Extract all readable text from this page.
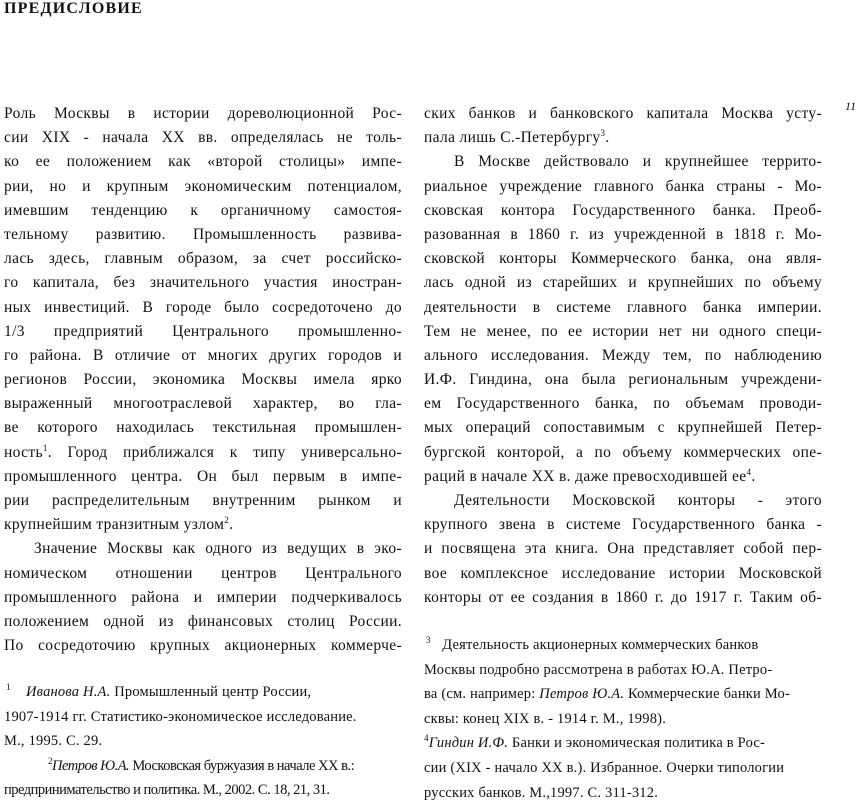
ПРЕДИСЛОВИЕ
11
Роль Москвы в истории дореволюционной Рос-
сии XIX - начала XX вв. определялась не толь-
ко ее положением как «второй столицы» импе-
рии, но и крупным экономическим потенциалом,
имевшим тенденцию к органичному самостоя-
тельному развитию. Промышленность развива-
лась здесь, главным образом, за счет российско-
го капитала, без значительного участия иностран-
ных инвестиций. В городе было сосредоточено до
1/3 предприятий Центрального промышленно-
го района. В отличие от многих других городов и
регионов России, экономика Москвы имела ярко
выраженный многоотраслевой характер, во гла-
ве которого находилась текстильная промышлен-
ность$^1$. Город приближался к типу универсально-
промышленного центра. Он был первым в импе-
рии распределительным внутренним рынком и
крупнейшим транзитным узлом$^2$.
Значение Москвы как одного из ведущих в эко-
номическом отношении центров Центрального
промышленного района и империи подчеркивалось
положением одной из финансовых столиц России.
По сосредоточию крупных акционерных коммерче-
ских банков и банковского капитала Москва усту-
пала лишь С.-Петербургу$^3$.
В Москве действовало и крупнейшее террито-
риальное учреждение главного банка страны - Мо-
сковская контора Государственного банка. Преоб-
разованная в 1860 г. из учрежденной в 1818 г. Мо-
сковской конторы Коммерческого банка, она явля-
лась одной из старейших и крупнейших по объему
деятельности в системе главного банка империи.
Тем не менее, по ее истории нет ни одного специ-
ального исследования. Между тем, по наблюдению
И.Ф. Гиндина, она была региональным учреждени-
ем Государственного банка, по объемам проводи-
мых операций сопоставимым с крупнейшей Петер-
бургской конторой, а по объему коммерческих опе-
раций в начале XX в. даже превосходившей $ее^4$.
Деятельности Московской конторы - этого
крупного звена в системе Государственного банка -
и посвящена эта книга. Она представляет собой пер-
вое комплексное исследование истории Московской
конторы от ее создания в 1860 г. до 1917 г. Таким об-
$^1$ Иванова Н.А. Промышленный центр России,
1907-1914 гг. Статистико-экономическое исследование.
М., 1995. С. 29.
$^2$Петров Ю.А. Московская буржуазия в начале XX в.:
предпринимательство и политика. М., 2002. С. 18, 21, 31.
$^3$ Деятельность акционерных коммерческих банков
Москвы подробно рассмотрена в работах Ю.А. Петро-
ва (см. например: Петров Ю.А. Коммерческие банки Мо-
сквы: конец XIX в. - 1914 г. М., 1998).
$^4$Гиндин И.Ф. Банки и экономическая политика в Рос-
сии (XIX - начало XX в.). Избранное. Очерки типологии
русских банков. М.,1997. С. 311-312.
